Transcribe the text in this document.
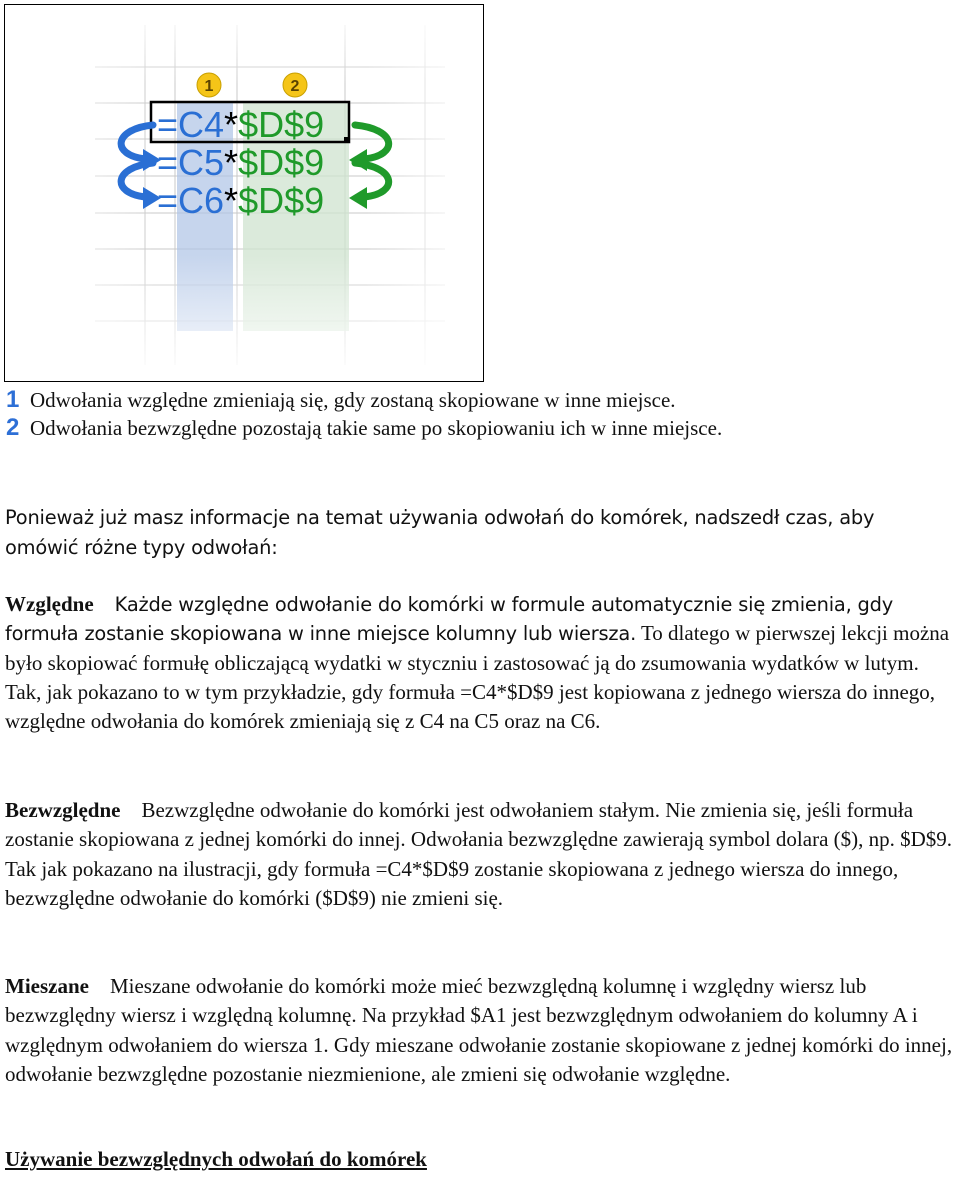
1	2
=C4*$D$9
=C5*$D$9
=C6*$D$9
1 Odwołania względne zmieniają się, gdy zostaną skopiowane w inne miejsce.
2 Odwołania bezwzględne pozostają takie same po skopiowaniu ich w inne miejsce.

Ponieważ już masz informacje na temat używania odwołań do komórek, nadszedł czas, aby omówić różne typy odwołań:

Względne Każde względne odwołanie do komórki w formule automatycznie się zmienia, gdy formuła zostanie skopiowana w inne miejsce kolumny lub wiersza. To dlatego w pierwszej lekcji można było skopiować formułę obliczającą wydatki w styczniu i zastosować ją do zsumowania wydatków w lutym. Tak, jak pokazano to w tym przykładzie, gdy formuła =C4*$D$9 jest kopiowana z jednego wiersza do innego, względne odwołania do komórek zmieniają się z C4 na C5 oraz na C6.

Bezwzględne Bezwzględne odwołanie do komórki jest odwołaniem stałym. Nie zmienia się, jeśli formuła zostanie skopiowana z jednej komórki do innej. Odwołania bezwzględne zawierają symbol dolara ($), np. $D$9. Tak jak pokazano na ilustracji, gdy formuła =C4*$D$9 zostanie skopiowana z jednego wiersza do innego, bezwzględne odwołanie do komórki ($D$9) nie zmieni się.

Mieszane Mieszane odwołanie do komórki może mieć bezwzględną kolumnę i względny wiersz lub bezwzględny wiersz i względną kolumnę. Na przykład $A1 jest bezwzględnym odwołaniem do kolumny A i względnym odwołaniem do wiersza 1. Gdy mieszane odwołanie zostanie skopiowane z jednej komórki do innej, odwołanie bezwzględne pozostanie niezmienione, ale zmieni się odwołanie względne.

Używanie bezwzględnych odwołań do komórek
